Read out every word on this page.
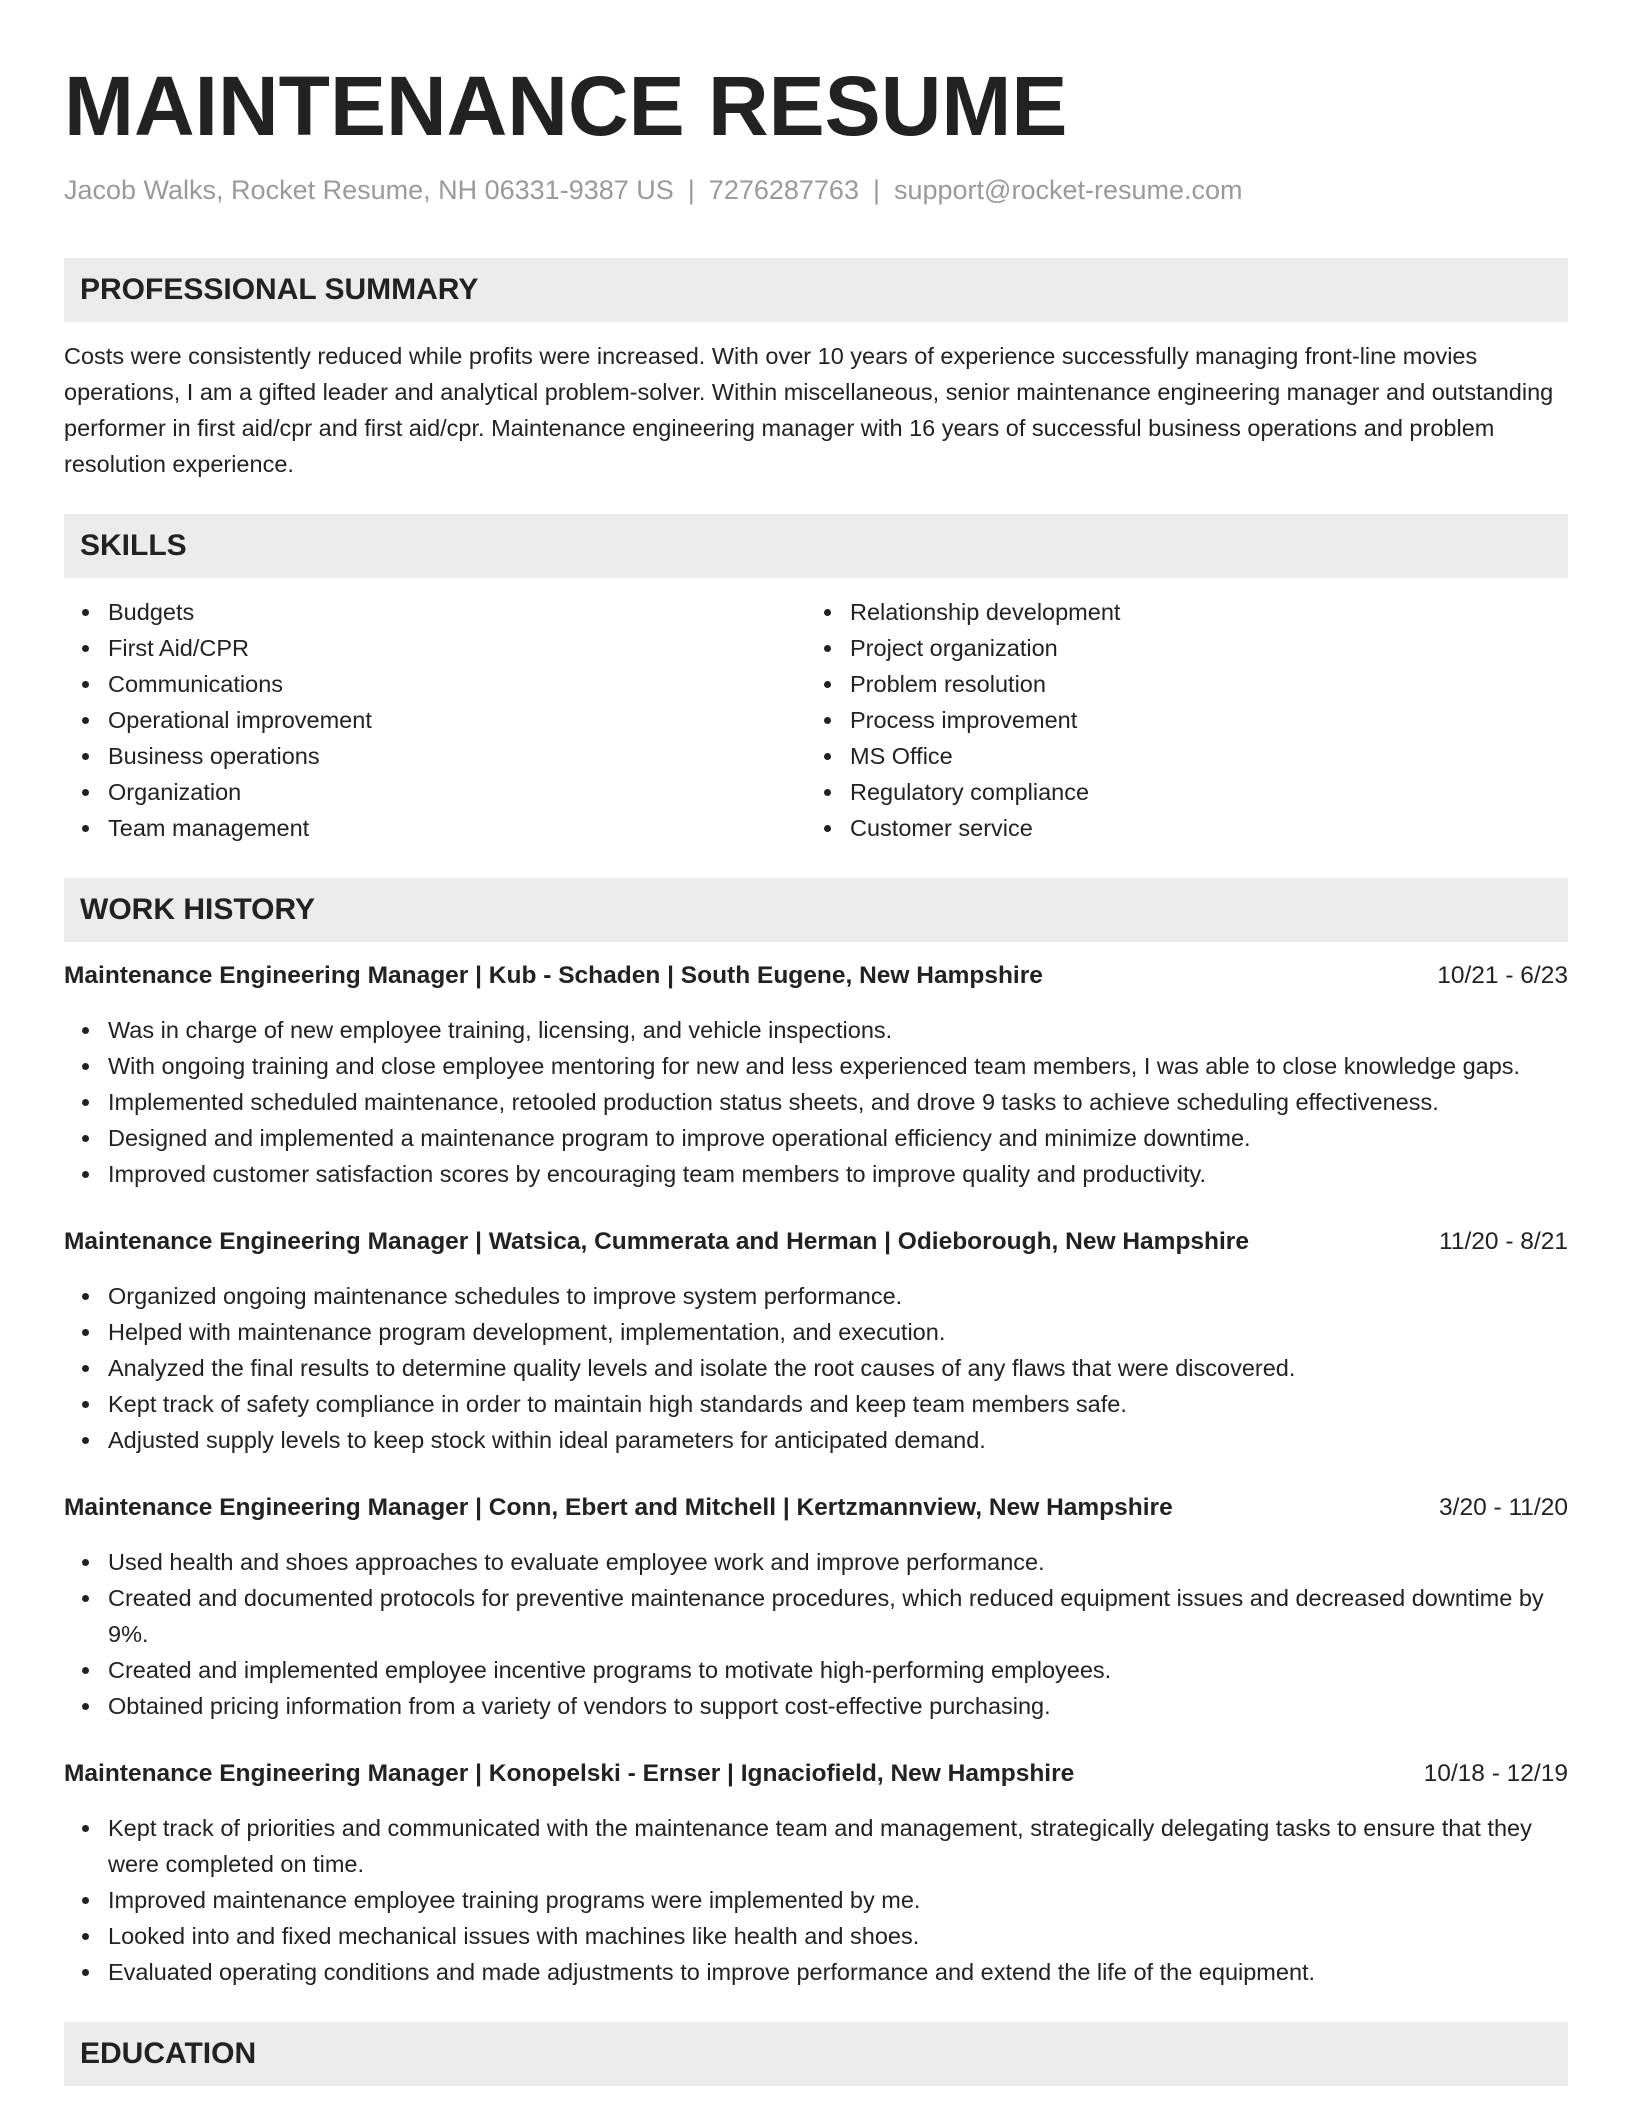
MAINTENANCE RESUME
Jacob Walks, Rocket Resume, NH 06331-9387 US | 7276287763 | support@rocket-resume.com
PROFESSIONAL SUMMARY

Costs were consistently reduced while profits were increased. With over 10 years of experience successfully managing front-line movies operations, I am a gifted leader and analytical problem-solver. Within miscellaneous, senior maintenance engineering manager and outstanding performer in first aid/cpr and first aid/cpr. Maintenance engineering manager with 16 years of successful business operations and problem resolution experience.

SKILLS
Budgets
First Aid/CPR
Communications
Operational improvement
Business operations
Organization
Team management
Relationship development
Project organization
Problem resolution
Process improvement
MS Office
Regulatory compliance
Customer service
WORK HISTORY
Maintenance Engineering Manager | Kub - Schaden | South Eugene, New Hampshire	10/21 - 6/23
Was in charge of new employee training, licensing, and vehicle inspections.
With ongoing training and close employee mentoring for new and less experienced team members, I was able to close knowledge gaps.
Implemented scheduled maintenance, retooled production status sheets, and drove 9 tasks to achieve scheduling effectiveness.
Designed and implemented a maintenance program to improve operational efficiency and minimize downtime.
Improved customer satisfaction scores by encouraging team members to improve quality and productivity.
Maintenance Engineering Manager | Watsica, Cummerata and Herman | Odieborough, New Hampshire	11/20 - 8/21
Organized ongoing maintenance schedules to improve system performance.
Helped with maintenance program development, implementation, and execution.
Analyzed the final results to determine quality levels and isolate the root causes of any flaws that were discovered.
Kept track of safety compliance in order to maintain high standards and keep team members safe.
Adjusted supply levels to keep stock within ideal parameters for anticipated demand.
Maintenance Engineering Manager | Conn, Ebert and Mitchell | Kertzmannview, New Hampshire	3/20 - 11/20
Used health and shoes approaches to evaluate employee work and improve performance.
Created and documented protocols for preventive maintenance procedures, which reduced equipment issues and decreased downtime by 9%.
Created and implemented employee incentive programs to motivate high-performing employees.
Obtained pricing information from a variety of vendors to support cost-effective purchasing.
Maintenance Engineering Manager | Konopelski - Ernser | Ignaciofield, New Hampshire	10/18 - 12/19
Kept track of priorities and communicated with the maintenance team and management, strategically delegating tasks to ensure that they were completed on time.
Improved maintenance employee training programs were implemented by me.
Looked into and fixed mechanical issues with machines like health and shoes.
Evaluated operating conditions and made adjustments to improve performance and extend the life of the equipment.
EDUCATION
